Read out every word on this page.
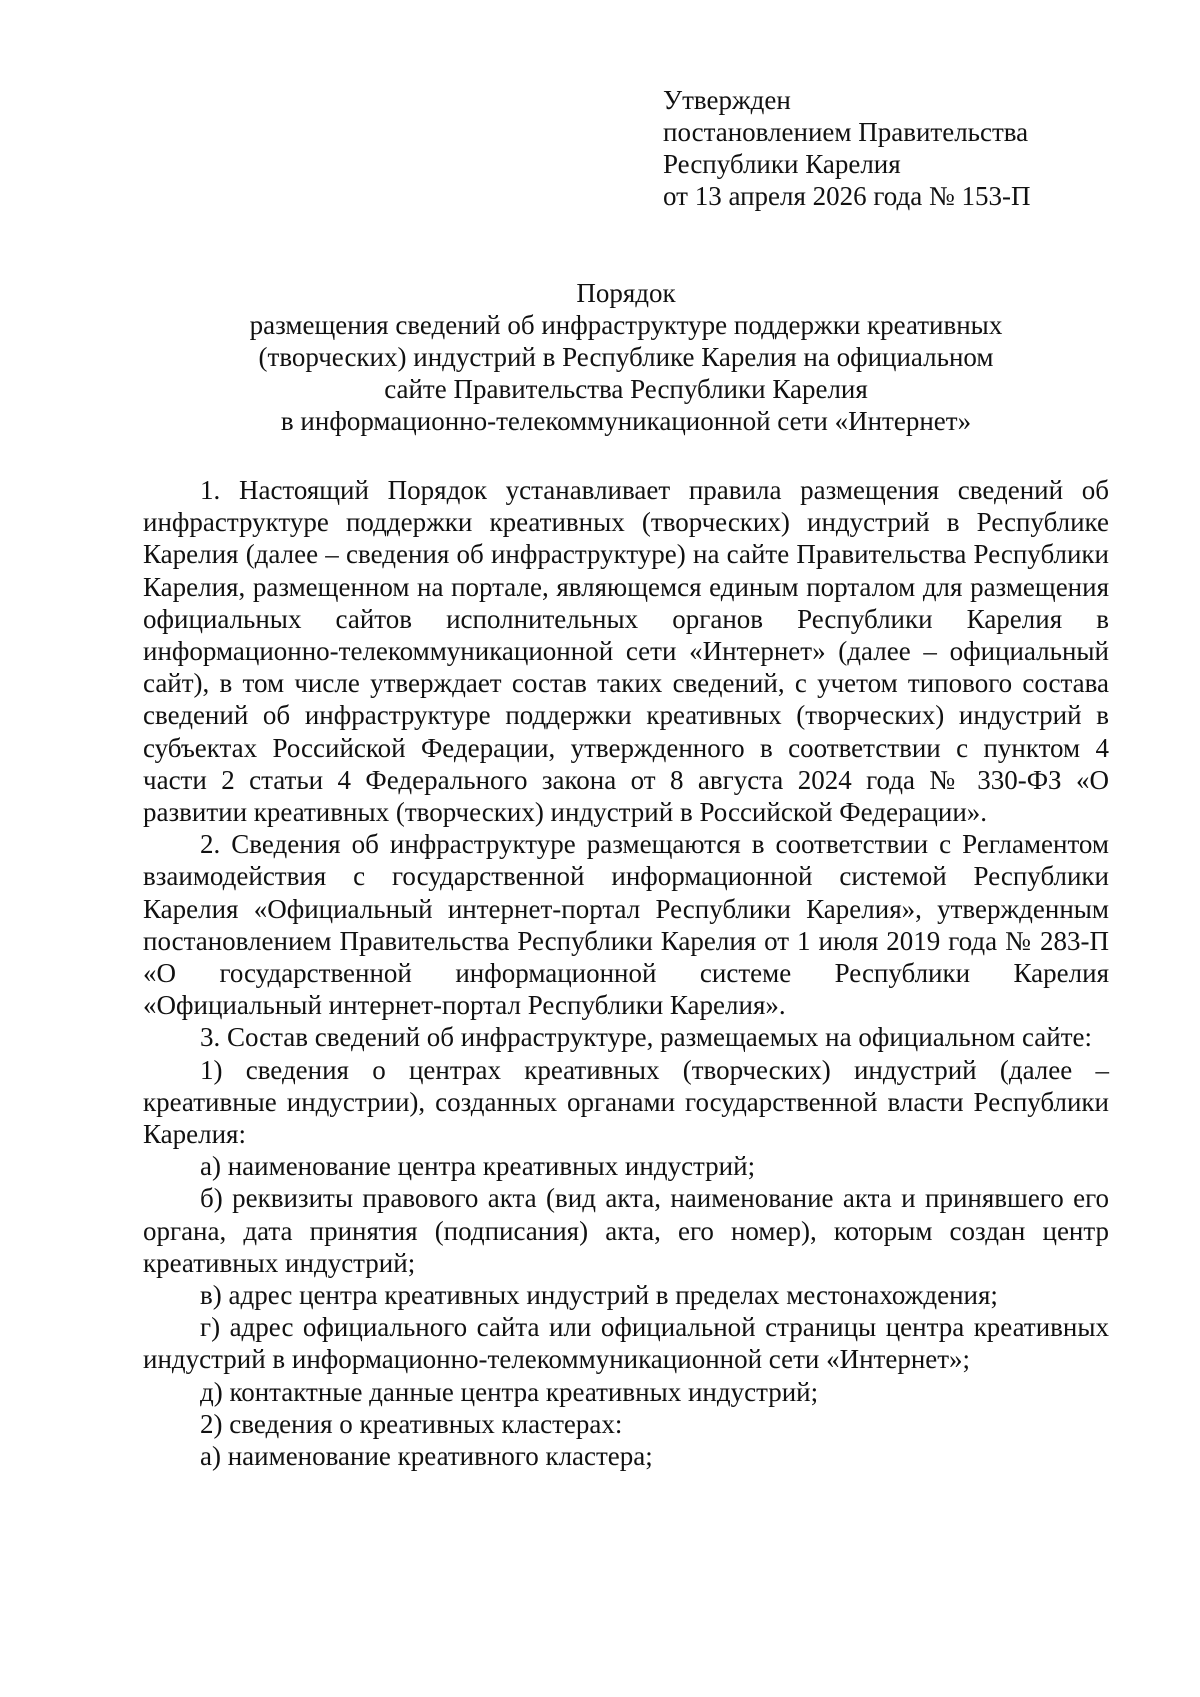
Утвержден
постановлением Правительства
Республики Карелия
от 13 апреля 2026 года № 153-П
Порядок
размещения сведений об инфраструктуре поддержки креативных
(творческих) индустрий в Республике Карелия на официальном
сайте Правительства Республики Карелия
в информационно-телекоммуникационной сети «Интернет»

1. Настоящий Порядок устанавливает правила размещения сведений об инфраструктуре поддержки креативных (творческих) индустрий в Республике Карелия (далее – сведения об инфраструктуре) на сайте Правительства Республики Карелия, размещенном на портале, являющемся единым порталом для размещения официальных сайтов исполнительных органов Республики Карелия в информационно-телекоммуникационной сети «Интернет» (далее – официальный сайт), в том числе утверждает состав таких сведений, с учетом типового состава сведений об инфраструктуре поддержки креативных (творческих) индустрий в субъектах Российской Федерации, утвержденного в соответствии с пунктом 4 части 2 статьи 4 Федерального закона от 8 августа 2024 года № 330-ФЗ «О развитии креативных (творческих) индустрий в Российской Федерации».

2. Сведения об инфраструктуре размещаются в соответствии с Регламентом взаимодействия с государственной информационной системой Республики Карелия «Официальный интернет-портал Республики Карелия», утвержденным постановлением Правительства Республики Карелия от 1 июля 2019 года № 283-П «О государственной информационной системе Республики Карелия «Официальный интернет-портал Республики Карелия».

3. Состав сведений об инфраструктуре, размещаемых на официальном сайте:

1) сведения о центрах креативных (творческих) индустрий (далее – креативные индустрии), созданных органами государственной власти Республики Карелия:

а) наименование центра креативных индустрий;

б) реквизиты правового акта (вид акта, наименование акта и принявшего его органа, дата принятия (подписания) акта, его номер), которым создан центр креативных индустрий;

в) адрес центра креативных индустрий в пределах местонахождения;

г) адрес официального сайта или официальной страницы центра креативных индустрий в информационно-телекоммуникационной сети «Интернет»;

д) контактные данные центра креативных индустрий;

2) сведения о креативных кластерах:

а) наименование креативного кластера;
